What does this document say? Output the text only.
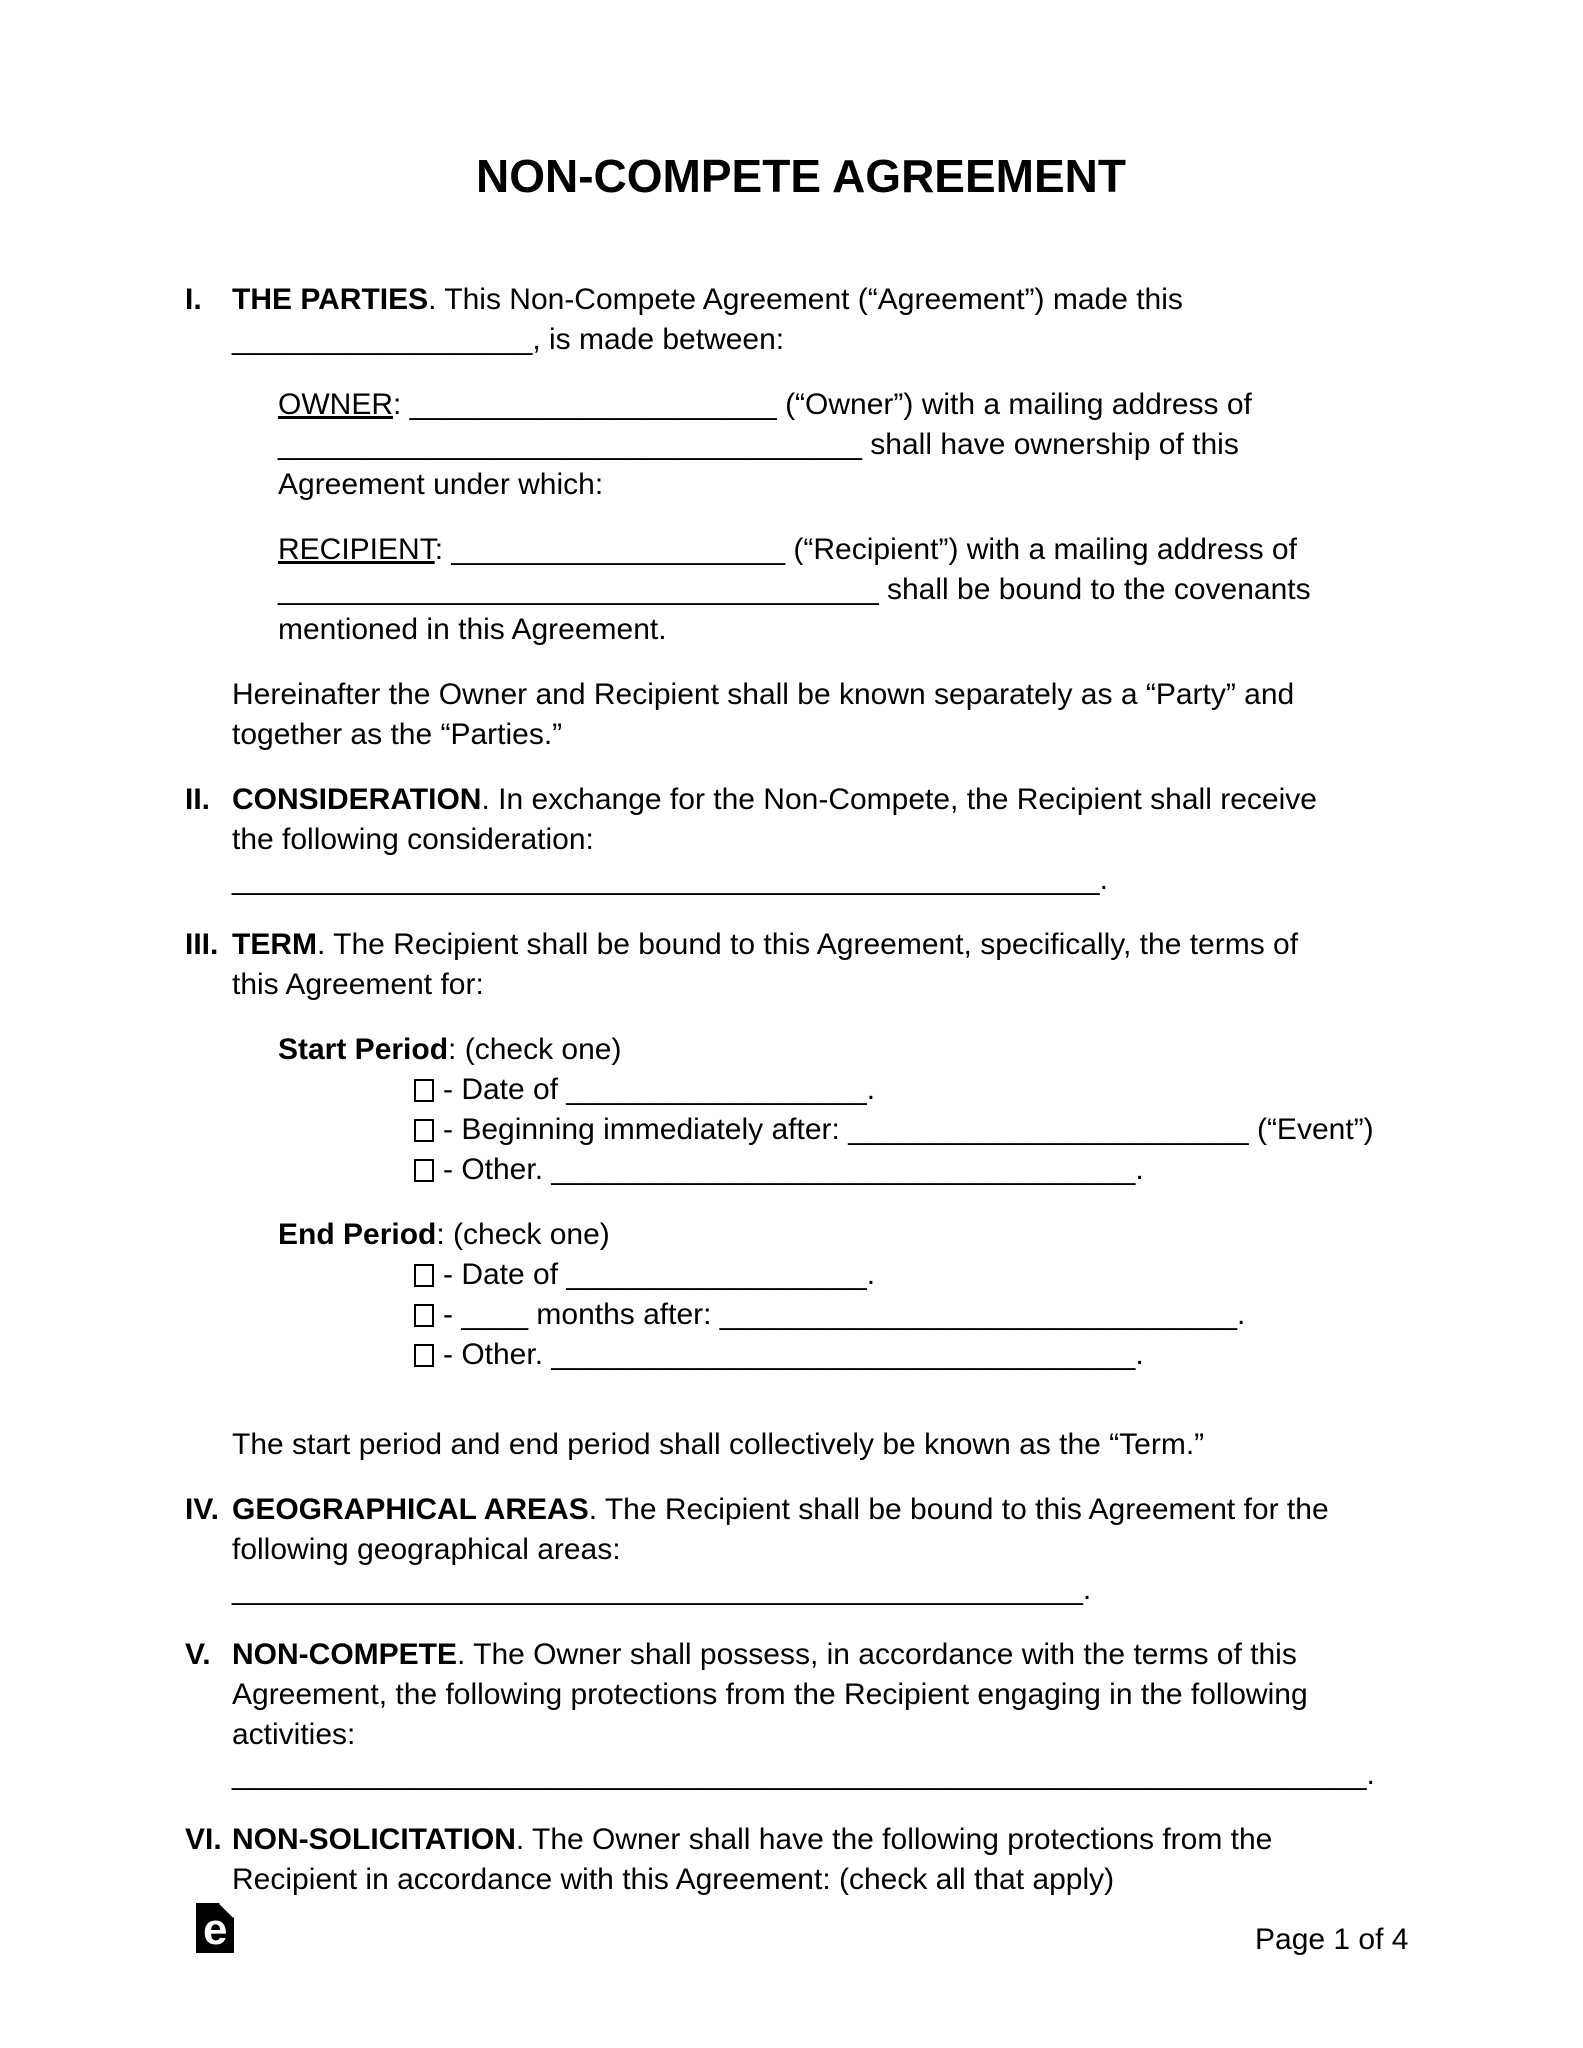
NON-COMPETE AGREEMENT
I.	THE PARTIES. This Non-Compete Agreement (“Agreement”) made this
__________________, is made between:
OWNER: ______________________ (“Owner”) with a mailing address of
___________________________________ shall have ownership of this
Agreement under which:
RECIPIENT: ____________________ (“Recipient”) with a mailing address of
____________________________________ shall be bound to the covenants
mentioned in this Agreement.
Hereinafter the Owner and Recipient shall be known separately as a “Party” and
together as the “Parties.”
II. CONSIDERATION. In exchange for the Non-Compete, the Recipient shall receive
the following consideration: ____________________________________________________.
III. TERM. The Recipient shall be bound to this Agreement, specifically, the terms of
this Agreement for:
Start Period: (check one)
- Date of __________________.
- Beginning immediately after: ________________________ (“Event”)
- Other. ___________________________________.
End Period: (check one)
- Date of __________________.
- ____ months after: _______________________________.
- Other. ___________________________________.
The start period and end period shall collectively be known as the “Term.”
IV. GEOGRAPHICAL AREAS. The Recipient shall be bound to this Agreement for the
following geographical areas: ___________________________________________________.
V. NON-COMPETE. The Owner shall possess, in accordance with the terms of this
Agreement, the following protections from the Recipient engaging in the following
activities: ____________________________________________________________________.
VI. NON-SOLICITATION. The Owner shall have the following protections from the
Recipient in accordance with this Agreement: (check all that apply)
e	Page 1 of 4
